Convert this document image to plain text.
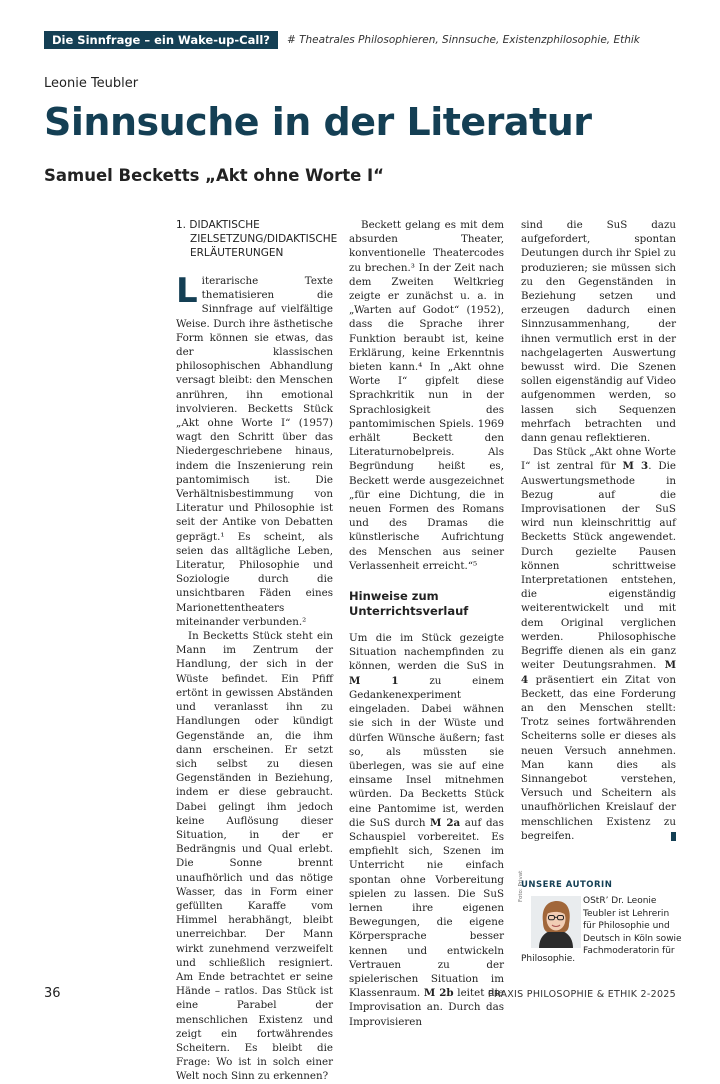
Die Sinnfrage – ein Wake-up-Call?	# Theatrales Philosophieren, Sinnsuche, Existenzphilosophie, Ethik
Leonie Teubler
Sinnsuche in der Literatur
Samuel Becketts „Akt ohne Worte I“
1. DIDAKTISCHE ZIELSETZUNG/DIDAKTISCHE ERLÄUTERUNGEN

Literarische Texte thematisieren die Sinnfrage auf vielfältige Weise. Durch ihre ästhetische Form können sie etwas, das der klassischen philosophischen Abhandlung versagt bleibt: den Menschen anrühren, ihn emotional involvieren. Becketts Stück „Akt ohne Worte I“ (1957) wagt den Schritt über das Niedergeschriebene hinaus, indem die Inszenierung rein pantomimisch ist. Die Verhältnisbestimmung von Literatur und Philosophie ist seit der Antike von Debatten geprägt.¹ Es scheint, als seien das alltägliche Leben, Literatur, Philosophie und Soziologie durch die unsichtbaren Fäden eines Marionettentheaters miteinander verbunden.²

In Becketts Stück steht ein Mann im Zentrum der Handlung, der sich in der Wüste befindet. Ein Pfiff ertönt in gewissen Abständen und veranlasst ihn zu Handlungen oder kündigt Gegenstände an, die ihm dann erscheinen. Er setzt sich selbst zu diesen Gegenständen in Beziehung, indem er diese gebraucht. Dabei gelingt ihm jedoch keine Auflösung dieser Situation, in der er Bedrängnis und Qual erlebt. Die Sonne brennt unaufhörlich und das nötige Wasser, das in Form einer gefüllten Karaffe vom Himmel herabhängt, bleibt unerreichbar. Der Mann wirkt zunehmend verzweifelt und schließlich resigniert. Am Ende betrachtet er seine Hände – ratlos. Das Stück ist eine Parabel der menschlichen Existenz und zeigt ein fortwährendes Scheitern. Es bleibt die Frage: Wo ist in solch einer Welt noch Sinn zu erkennen?

Beckett gelang es mit dem absurden Theater, konventionelle Theatercodes zu brechen.³ In der Zeit nach dem Zweiten Weltkrieg zeigte er zunächst u. a. in „Warten auf Godot“ (1952), dass die Sprache ihrer Funktion beraubt ist, keine Erklärung, keine Erkenntnis bieten kann.⁴ In „Akt ohne Worte I“ gipfelt diese Sprachkritik nun in der Sprachlosigkeit des pantomimischen Spiels. 1969 erhält Beckett den Literaturnobelpreis. Als Begründung heißt es, Beckett werde ausgezeichnet „für eine Dichtung, die in neuen Formen des Romans und des Dramas die künstlerische Aufrichtung des Menschen aus seiner Verlassenheit erreicht.“⁵

Hinweise zum Unterrichtsverlauf

Um die im Stück gezeigte Situation nachempfinden zu können, werden die SuS in M 1 zu einem Gedankenexperiment eingeladen. Dabei wähnen sie sich in der Wüste und dürfen Wünsche äußern; fast so, als müssten sie überlegen, was sie auf eine einsame Insel mitnehmen würden. Da Becketts Stück eine Pantomime ist, werden die SuS durch M 2a auf das Schauspiel vorbereitet. Es empfiehlt sich, Szenen im Unterricht nie einfach spontan ohne Vorbereitung spielen zu lassen. Die SuS lernen ihre eigenen Bewegungen, die eigene Körpersprache besser kennen und entwickeln Vertrauen zu der spielerischen Situation im Klassenraum. M 2b leitet die Improvisation an. Durch das Improvisieren

sind die SuS dazu aufgefordert, spontan Deutungen durch ihr Spiel zu produzieren; sie müssen sich zu den Gegenständen in Beziehung setzen und erzeugen dadurch einen Sinnzusammenhang, der ihnen vermutlich erst in der nachgelagerten Auswertung bewusst wird. Die Szenen sollen eigenständig auf Video aufgenommen werden, so lassen sich Sequenzen mehrfach betrachten und dann genau reflektieren.

Das Stück „Akt ohne Worte I“ ist zentral für M 3. Die Auswertungsmethode in Bezug auf die Improvisationen der SuS wird nun kleinschrittig auf Becketts Stück angewendet. Durch gezielte Pausen können schrittweise Interpretationen entstehen, die eigenständig weiterentwickelt und mit dem Original verglichen werden. Philosophische Begriffe dienen als ein ganz weiter Deutungsrahmen. M 4 präsentiert ein Zitat von Beckett, das eine Forderung an den Menschen stellt: Trotz seines fortwährenden Scheiterns solle er dieses als neuen Versuch annehmen. Man kann dies als Sinnangebot verstehen, Versuch und Scheitern als unaufhörlichen Kreislauf der menschlichen Existenz zu begreifen.

UNSERE AUTORIN
Foto: Privat	OStR’ Dr. Leonie Teubler ist Lehrerin für Philosophie und Deutsch in Köln sowie Fachmoderatorin für
Philosophie.
36	PRAXIS PHILOSOPHIE & ETHIK 2-2025
